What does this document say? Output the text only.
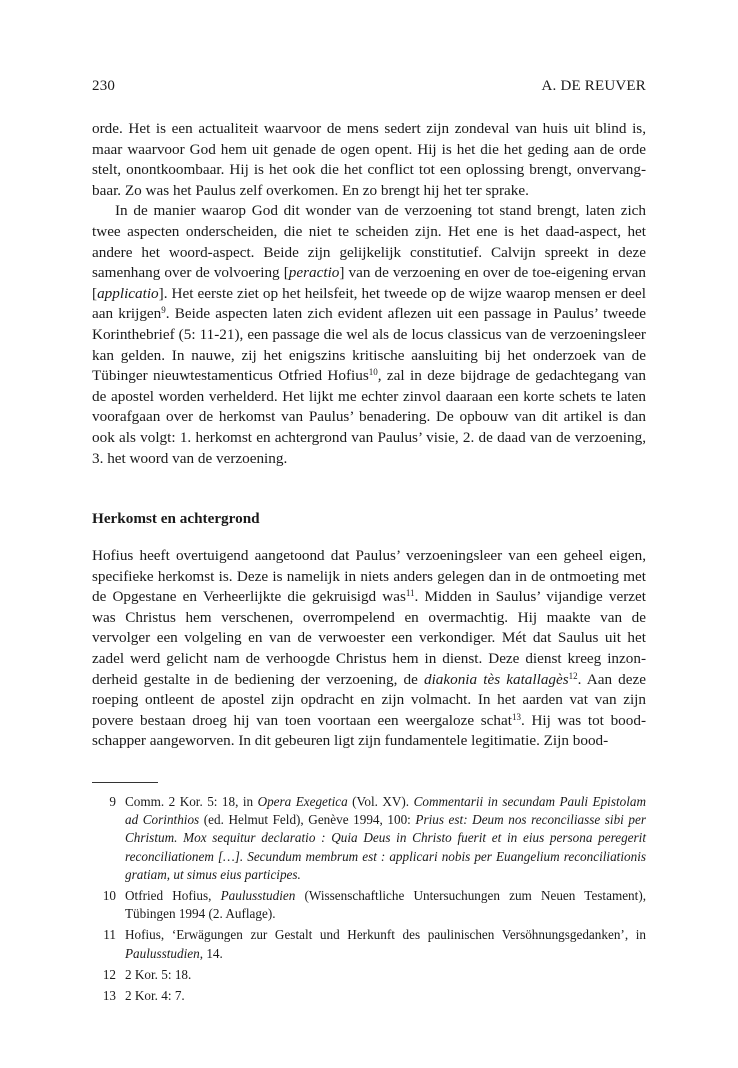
230	A. DE REUVER

orde. Het is een actualiteit waarvoor de mens sedert zijn zondeval van huis uit blind is, maar waarvoor God hem uit genade de ogen opent. Hij is het die het geding aan de orde stelt, onontkoombaar. Hij is het ook die het conflict tot een oplossing brengt, onvervangbaar. Zo was het Paulus zelf overkomen. En zo brengt hij het ter sprake.

In de manier waarop God dit wonder van de verzoening tot stand brengt, laten zich twee aspecten onderscheiden, die niet te scheiden zijn. Het ene is het daad-aspect, het andere het woord-aspect. Beide zijn gelijkelijk constitutief. Calvijn spreekt in deze samenhang over de volvoering [peractio] van de verzoening en over de toe-eigening ervan [applicatio]. Het eerste ziet op het heilsfeit, het tweede op de wijze waarop mensen er deel aan krijgen$^9$. Beide aspecten laten zich evident aflezen uit een passage in Paulus’ tweede Korinthebrief (5: 11-21), een passage die wel als de locus classicus van de verzoeningsleer kan gelden. In nauwe, zij het enigszins kritische aansluiting bij het onderzoek van de Tübinger nieuwtestamenticus Otfried Hofius$^{10}$, zal in deze bijdrage de gedachtegang van de apostel worden verhelderd. Het lijkt me echter zinvol daaraan een korte schets te laten voorafgaan over de herkomst van Paulus’ benadering. De opbouw van dit artikel is dan ook als volgt: 1. herkomst en achtergrond van Paulus’ visie, 2. de daad van de verzoening, 3. het woord van de verzoening.

Herkomst en achtergrond

Hofius heeft overtuigend aangetoond dat Paulus’ verzoeningsleer van een geheel eigen, specifieke herkomst is. Deze is namelijk in niets anders gelegen dan in de ontmoeting met de Opgestane en Verheerlijkte die gekruisigd was$^{11}$. Midden in Saulus’ vijandige verzet was Christus hem verschenen, overrompelend en overmachtig. Hij maakte van de vervolger een volgeling en van de verwoester een verkondiger. Mét dat Saulus uit het zadel werd gelicht nam de verhoogde Christus hem in dienst. Deze dienst kreeg inzonderheid gestalte in de bediening der verzoening, de diakonia tès katallagès$^{12}$. Aan deze roeping ontleent de apostel zijn opdracht en zijn volmacht. In het aarden vat van zijn povere bestaan droeg hij van toen voortaan een weergaloze schat$^{13}$. Hij was tot boodschapper aangeworven. In dit gebeuren ligt zijn fundamentele legitimatie. Zijn bood-

9 Comm. 2 Kor. 5: 18, in Opera Exegetica (Vol. XV). Commentarii in secundam Pauli Epistolam ad Corinthios (ed. Helmut Feld), Genève 1994, 100: Prius est: Deum nos reconciliasse sibi per Christum. Mox sequitur declaratio : Quia Deus in Christo fuerit et in eius persona peregerit reconciliationem […]. Secundum membrum est : applicari nobis per Euangelium reconciliationis gratiam, ut simus eius participes.
10 Otfried Hofius, Paulusstudien (Wissenschaftliche Untersuchungen zum Neuen Testament), Tübingen 1994 (2. Auflage).
11 Hofius, ‘Erwägungen zur Gestalt und Herkunft des paulinischen Versöhnungsgedanken’, in Paulusstudien, 14.
12 2 Kor. 5: 18.
13 2 Kor. 4: 7.
